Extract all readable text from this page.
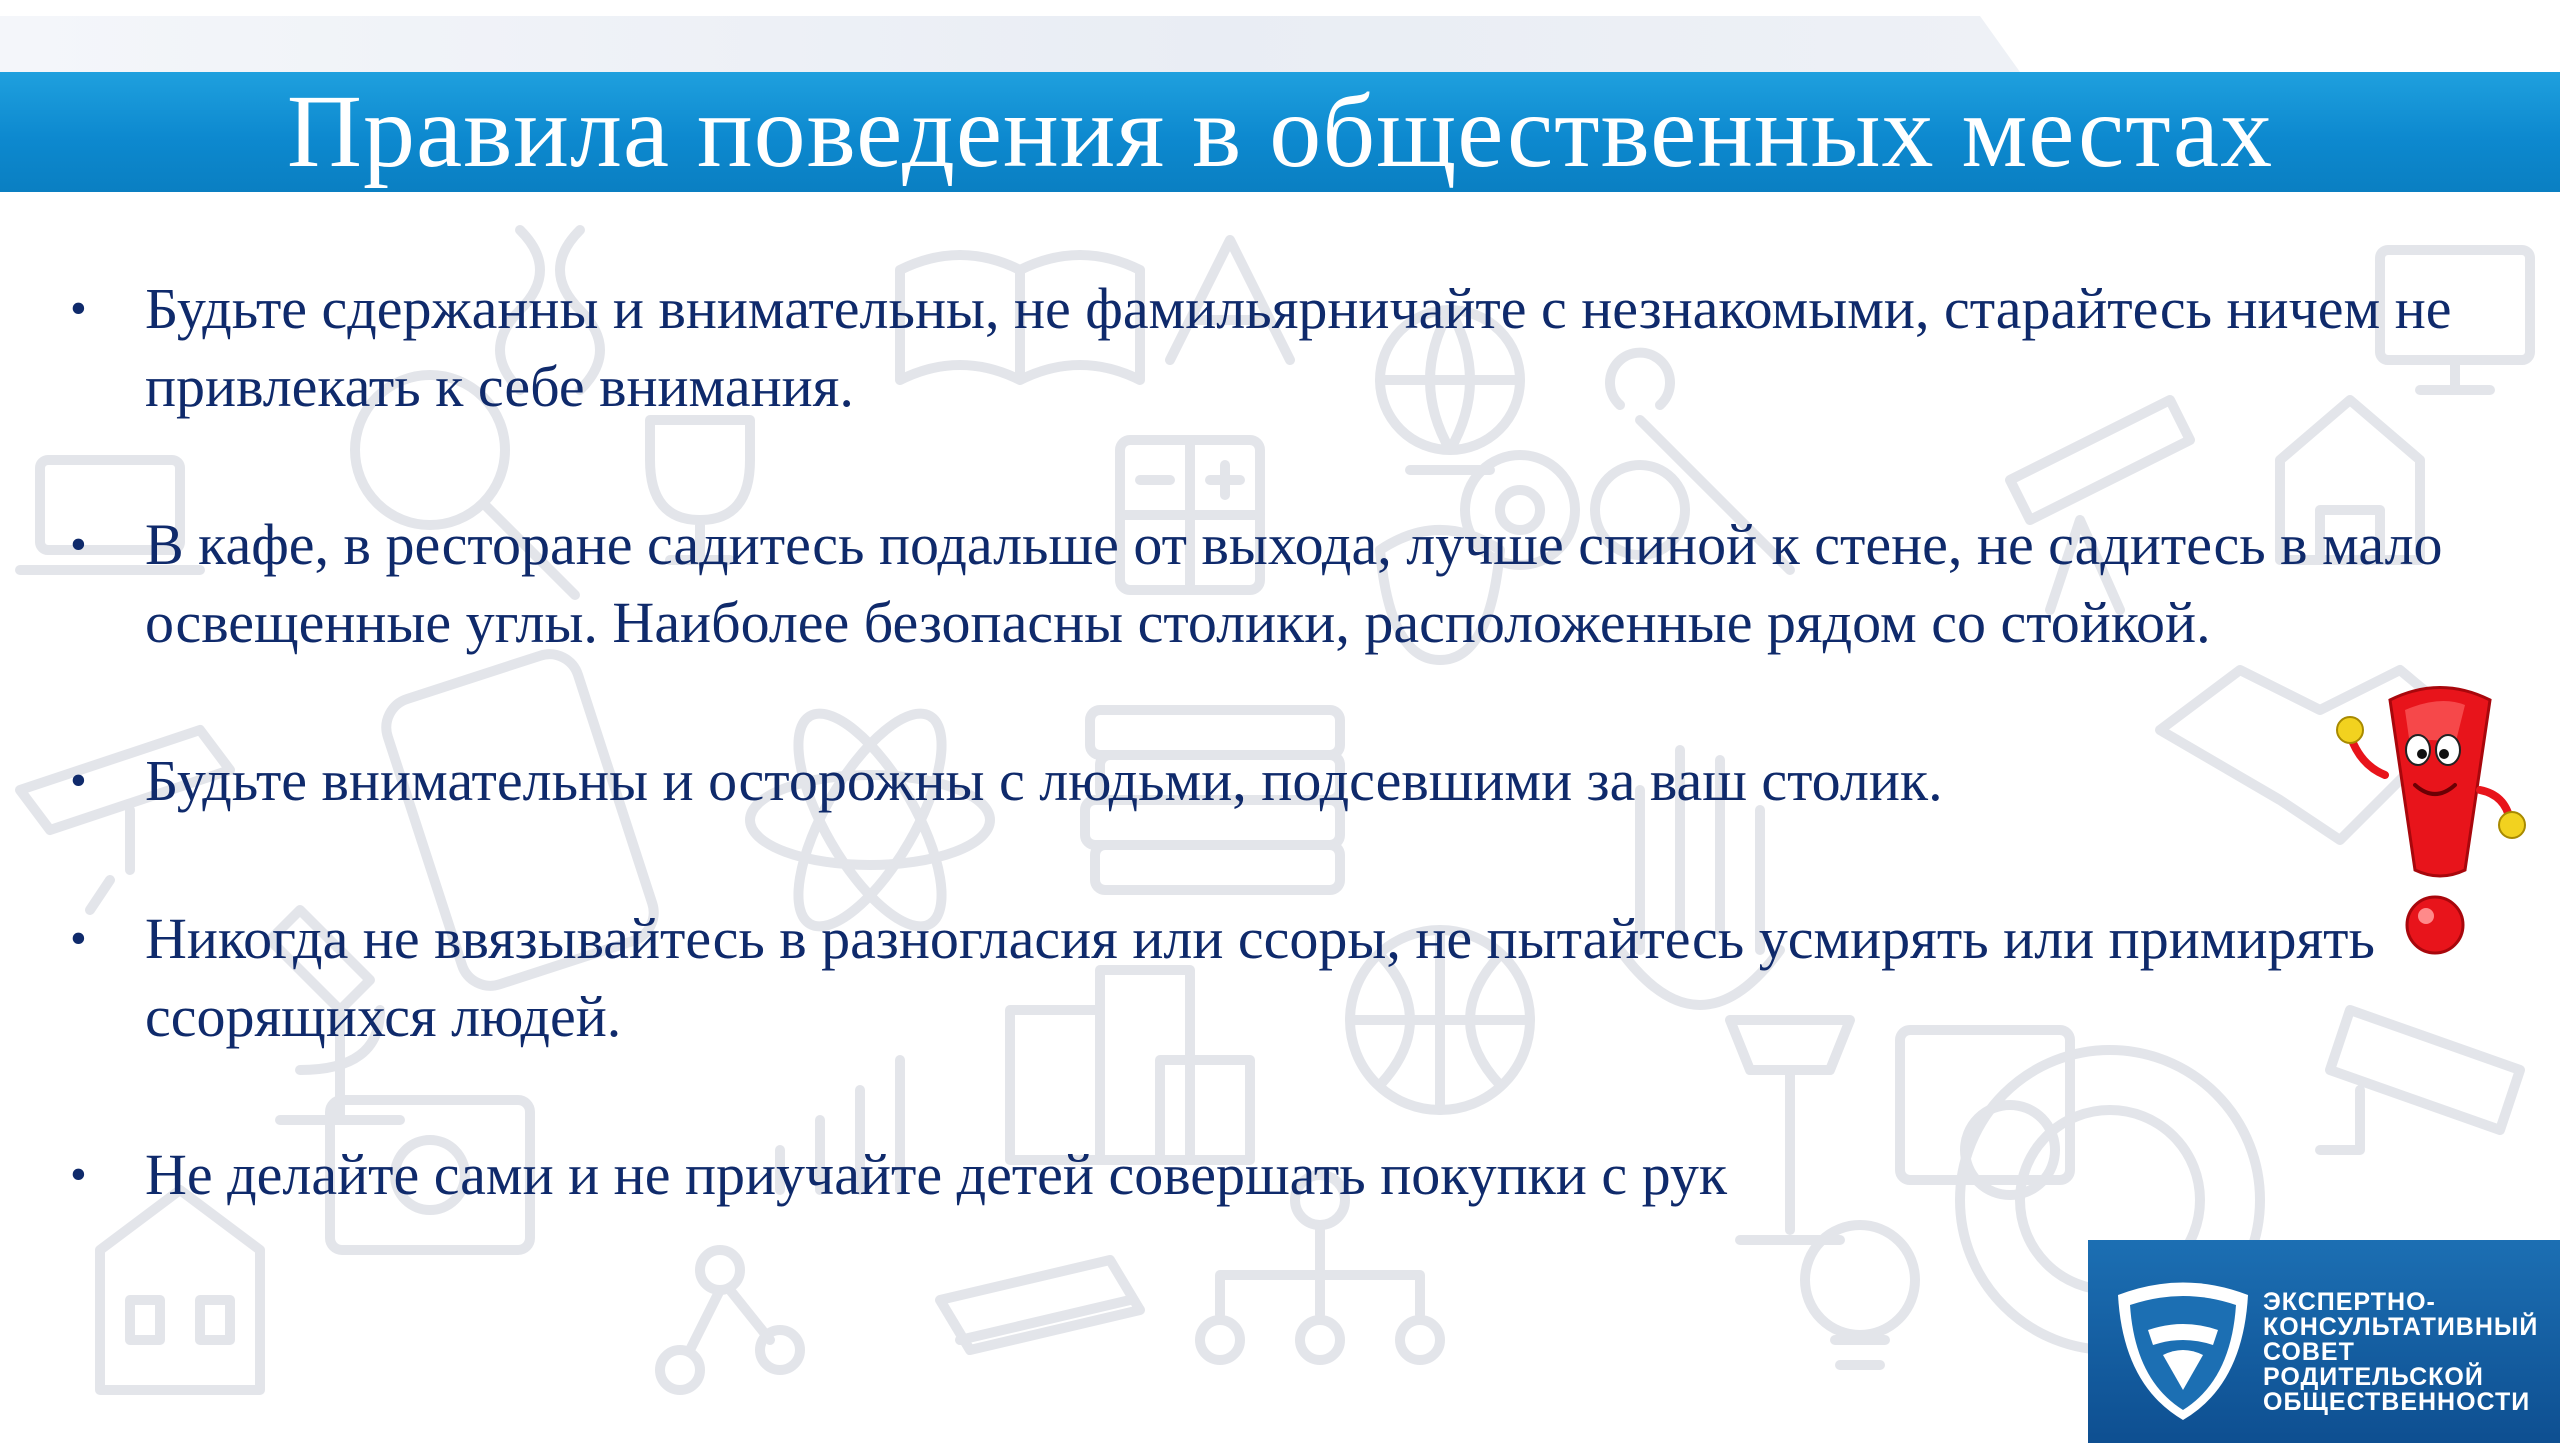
Правила поведения в общественных местах
• Будьте сдержанны и внимательны, не фамильярничайте с незнакомыми, старайтесь ничем не привлекать к себе внимания.
• В кафе, в ресторане садитесь подальше от выхода, лучше спиной к стене, не садитесь в мало освещенные углы. Наиболее безопасны столики, расположенные рядом со стойкой.
• Будьте внимательны и осторожны с людьми, подсевшими за ваш столик.
• Никогда не ввязывайтесь в разногласия или ссоры, не пытайтесь усмирять или примирять ссорящихся людей.
• Не делайте сами и не приучайте детей совершать покупки с рук
ЭКСПЕРТНО-
КОНСУЛЬТАТИВНЫЙ
СОВЕТ
РОДИТЕЛЬСКОЙ
ОБЩЕСТВЕННОСТИ
